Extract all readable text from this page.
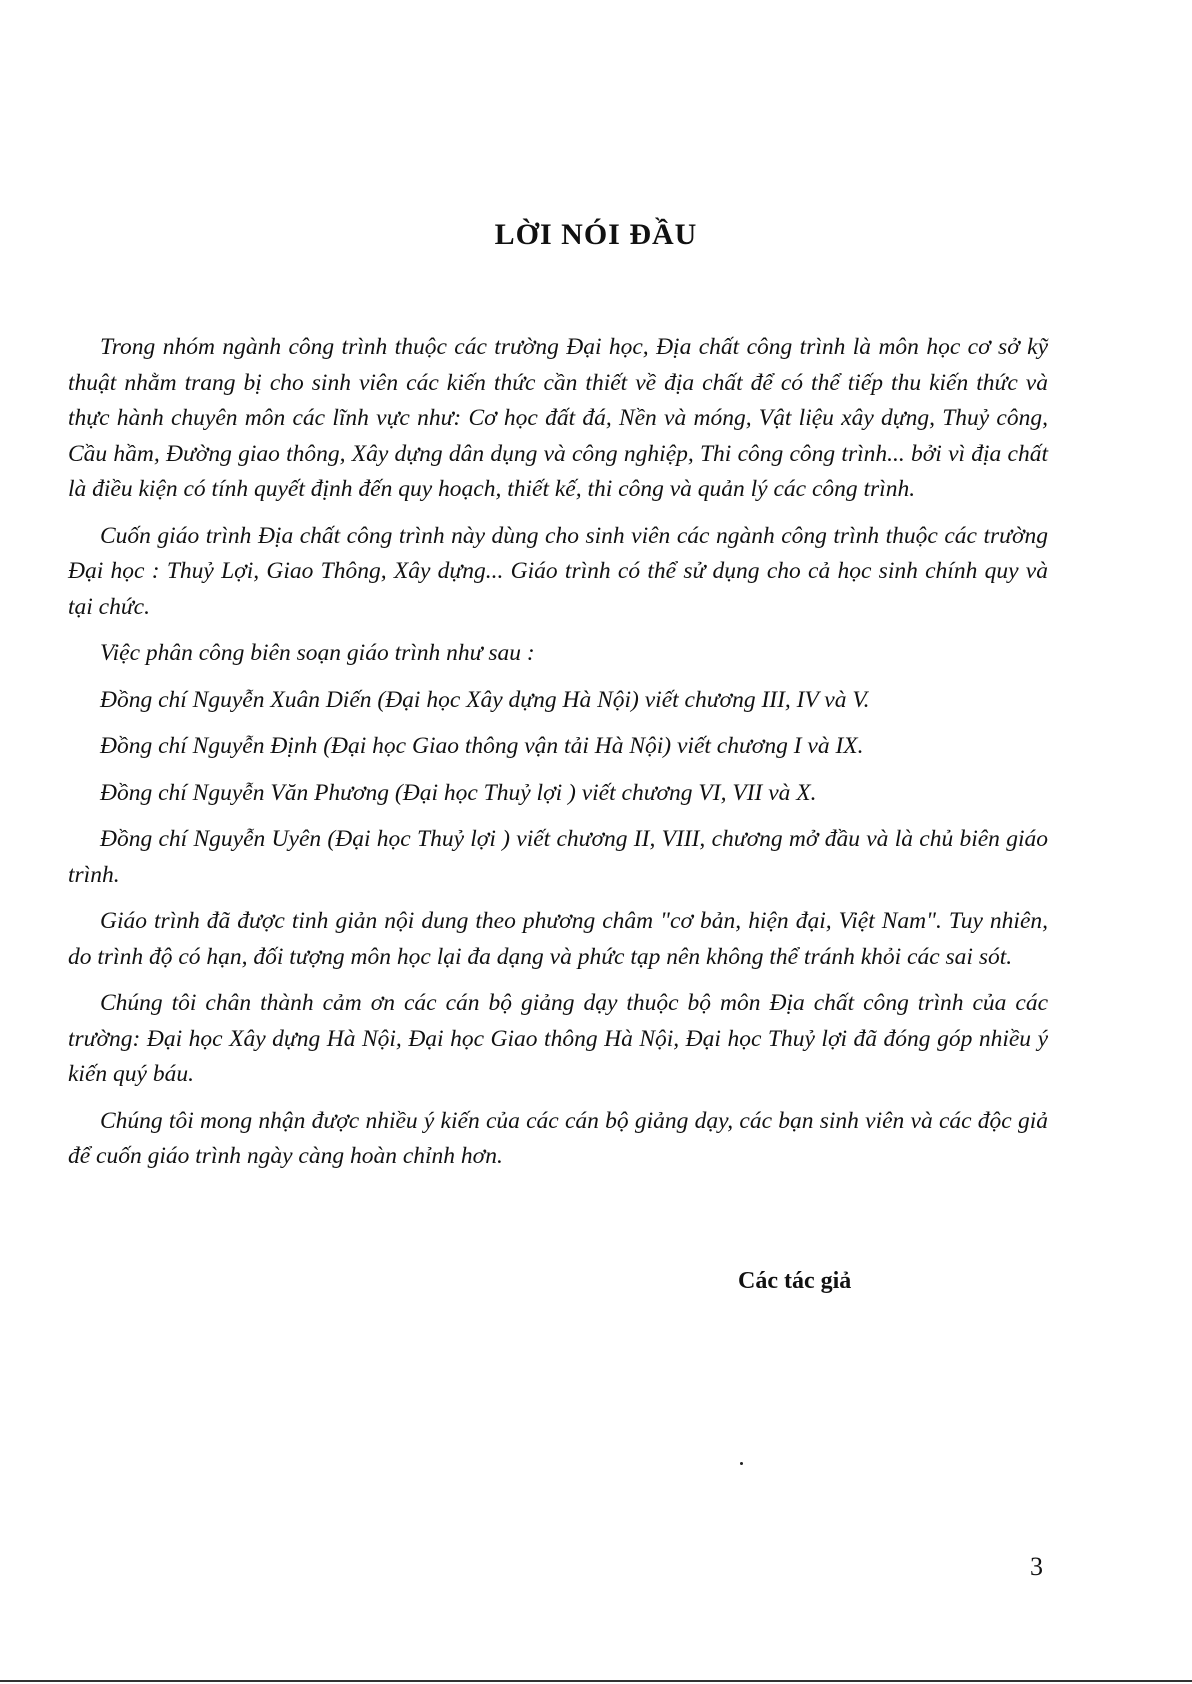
LỜI NÓI ĐẦU

Trong nhóm ngành công trình thuộc các trường Đại học, Địa chất công trình là môn học cơ sở kỹ thuật nhằm trang bị cho sinh viên các kiến thức cần thiết về địa chất để có thể tiếp thu kiến thức và thực hành chuyên môn các lĩnh vực như: Cơ học đất đá, Nền và móng, Vật liệu xây dựng, Thuỷ công, Cầu hầm, Đường giao thông, Xây dựng dân dụng và công nghiệp, Thi công công trình... bởi vì địa chất là điều kiện có tính quyết định đến quy hoạch, thiết kế, thi công và quản lý các công trình.

Cuốn giáo trình Địa chất công trình này dùng cho sinh viên các ngành công trình thuộc các trường Đại học : Thuỷ Lợi, Giao Thông, Xây dựng... Giáo trình có thể sử dụng cho cả học sinh chính quy và tại chức.

Việc phân công biên soạn giáo trình như sau :

Đồng chí Nguyễn Xuân Diến (Đại học Xây dựng Hà Nội) viết chương III, IV và V.

Đồng chí Nguyễn Định (Đại học Giao thông vận tải Hà Nội) viết chương I và IX.

Đồng chí Nguyễn Văn Phương (Đại học Thuỷ lợi ) viết chương VI, VII và X.

Đồng chí Nguyễn Uyên (Đại học Thuỷ lợi ) viết chương II, VIII, chương mở đầu và là chủ biên giáo trình.

Giáo trình đã được tinh giản nội dung theo phương châm "cơ bản, hiện đại, Việt Nam". Tuy nhiên, do trình độ có hạn, đối tượng môn học lại đa dạng và phức tạp nên không thể tránh khỏi các sai sót.

Chúng tôi chân thành cảm ơn các cán bộ giảng dạy thuộc bộ môn Địa chất công trình của các trường: Đại học Xây dựng Hà Nội, Đại học Giao thông Hà Nội, Đại học Thuỷ lợi đã đóng góp nhiều ý kiến quý báu.

Chúng tôi mong nhận được nhiều ý kiến của các cán bộ giảng dạy, các bạn sinh viên và các độc giả để cuốn giáo trình ngày càng hoàn chỉnh hơn.

Các tác giả
3
